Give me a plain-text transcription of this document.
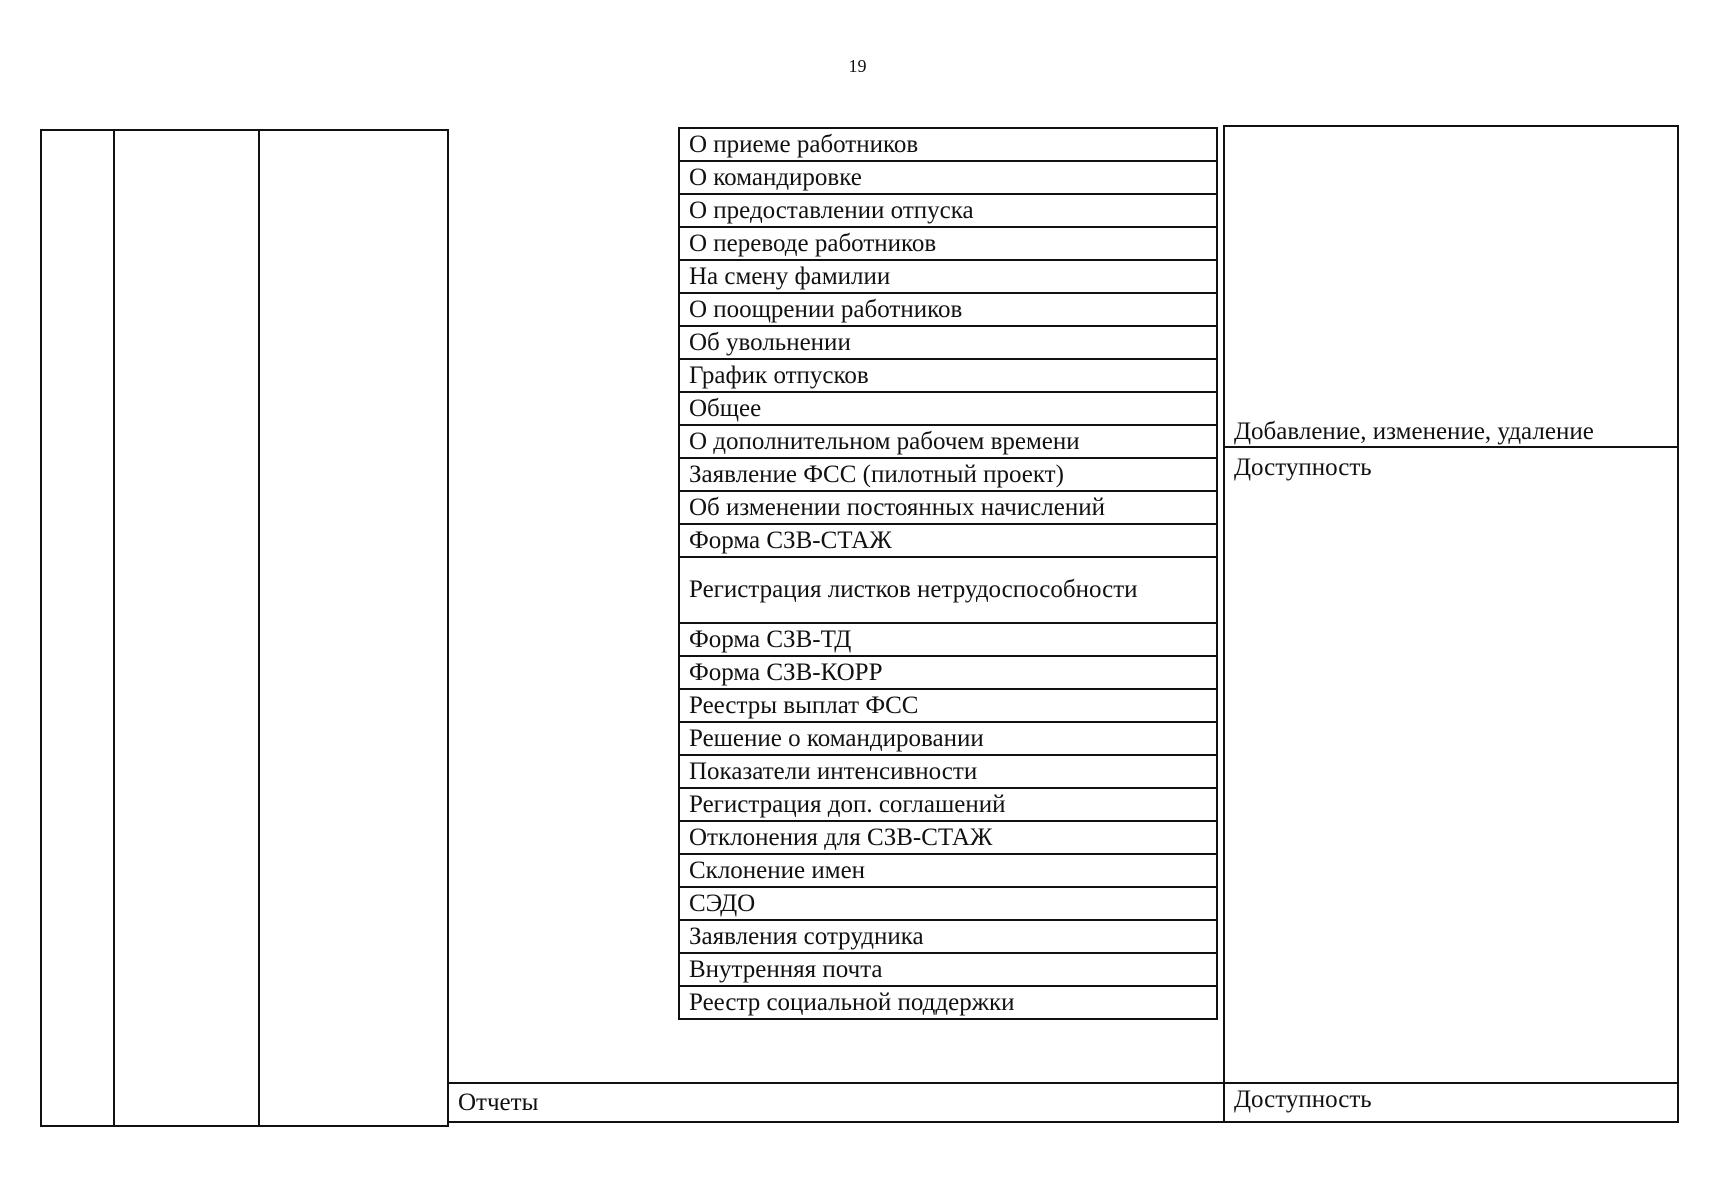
19
О приеме работников
О командировке
О предоставлении отпуска
О переводе работников
На смену фамилии
О поощрении работников
Об увольнении
График отпусков
Общее
О дополнительном рабочем времени
Заявление ФСС (пилотный проект)
Об изменении постоянных начислений
Форма СЗВ-СТАЖ
Регистрация листков нетрудоспособности
Форма СЗВ-ТД
Форма СЗВ-КОРР
Реестры выплат ФСС
Решение о командировании
Показатели интенсивности
Регистрация доп. соглашений
Отклонения для СЗВ-СТАЖ
Склонение имен
СЭДО
Заявления сотрудника
Внутренняя почта
Реестр социальной поддержки
Добавление, изменение, удаление
Доступность
Отчеты	Доступность
